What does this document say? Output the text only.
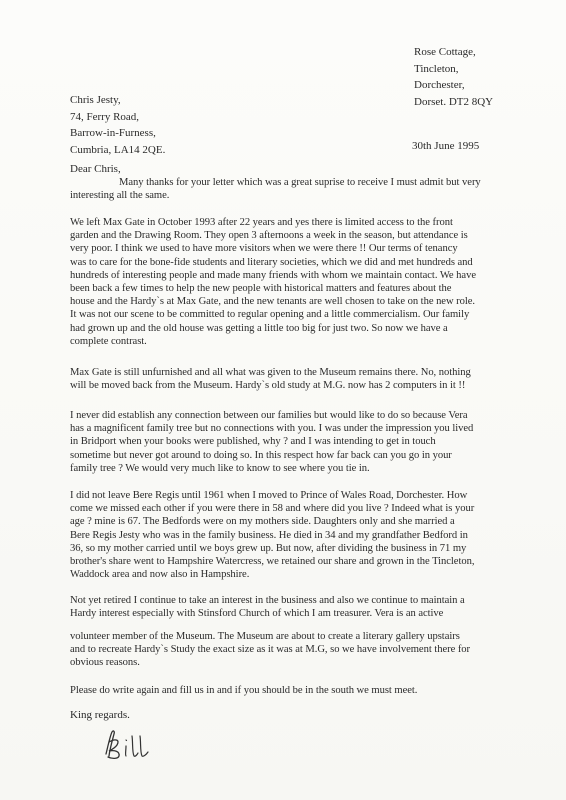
Rose Cottage,
Tincleton,
Dorchester,
Dorset. DT2 8QY
Chris Jesty,
74, Ferry Road,
Barrow-in-Furness,
Cumbria, LA14 2QE.	30th June 1995
Dear Chris,
Many thanks for your letter which was a great suprise to receive I must admit but very
interesting all the same.
We left Max Gate in October 1993 after 22 years and yes there is limited access to the front
garden and the Drawing Room. They open 3 afternoons a week in the season, but attendance is
very poor. I think we used to have more visitors when we were there !! Our terms of tenancy
was to care for the bone-fide students and literary societies, which we did and met hundreds and
hundreds of interesting people and made many friends with whom we maintain contact. We have
been back a few times to help the new people with historical matters and features about the
house and the Hardy`s at Max Gate, and the new tenants are well chosen to take on the new role.
It was not our scene to be committed to regular opening and a little commercialism. Our family
had grown up and the old house was getting a little too big for just two. So now we have a
complete contrast.
Max Gate is still unfurnished and all what was given to the Museum remains there. No, nothing
will be moved back from the Museum. Hardy`s old study at M.G. now has 2 computers in it !!
I never did establish any connection between our families but would like to do so because Vera
has a magnificent family tree but no connections with you. I was under the impression you lived
in Bridport when your books were published, why ? and I was intending to get in touch
sometime but never got around to doing so. In this respect how far back can you go in your
family tree ? We would very much like to know to see where you tie in.
I did not leave Bere Regis until 1961 when I moved to Prince of Wales Road, Dorchester. How
come we missed each other if you were there in 58 and where did you live ? Indeed what is your
age ? mine is 67. The Bedfords were on my mothers side. Daughters only and she married a
Bere Regis Jesty who was in the family business. He died in 34 and my grandfather Bedford in
36, so my mother carried until we boys grew up. But now, after dividing the business in 71 my
brother's share went to Hampshire Watercress, we retained our share and grown in the Tincleton,
Waddock area and now also in Hampshire.
Not yet retired I continue to take an interest in the business and also we continue to maintain a
Hardy interest especially with Stinsford Church of which I am treasurer. Vera is an active
volunteer member of the Museum. The Museum are about to create a literary gallery upstairs
and to recreate Hardy`s Study the exact size as it was at M.G, so we have involvement there for
obvious reasons.
Please do write again and fill us in and if you should be in the south we must meet.
King regards.
